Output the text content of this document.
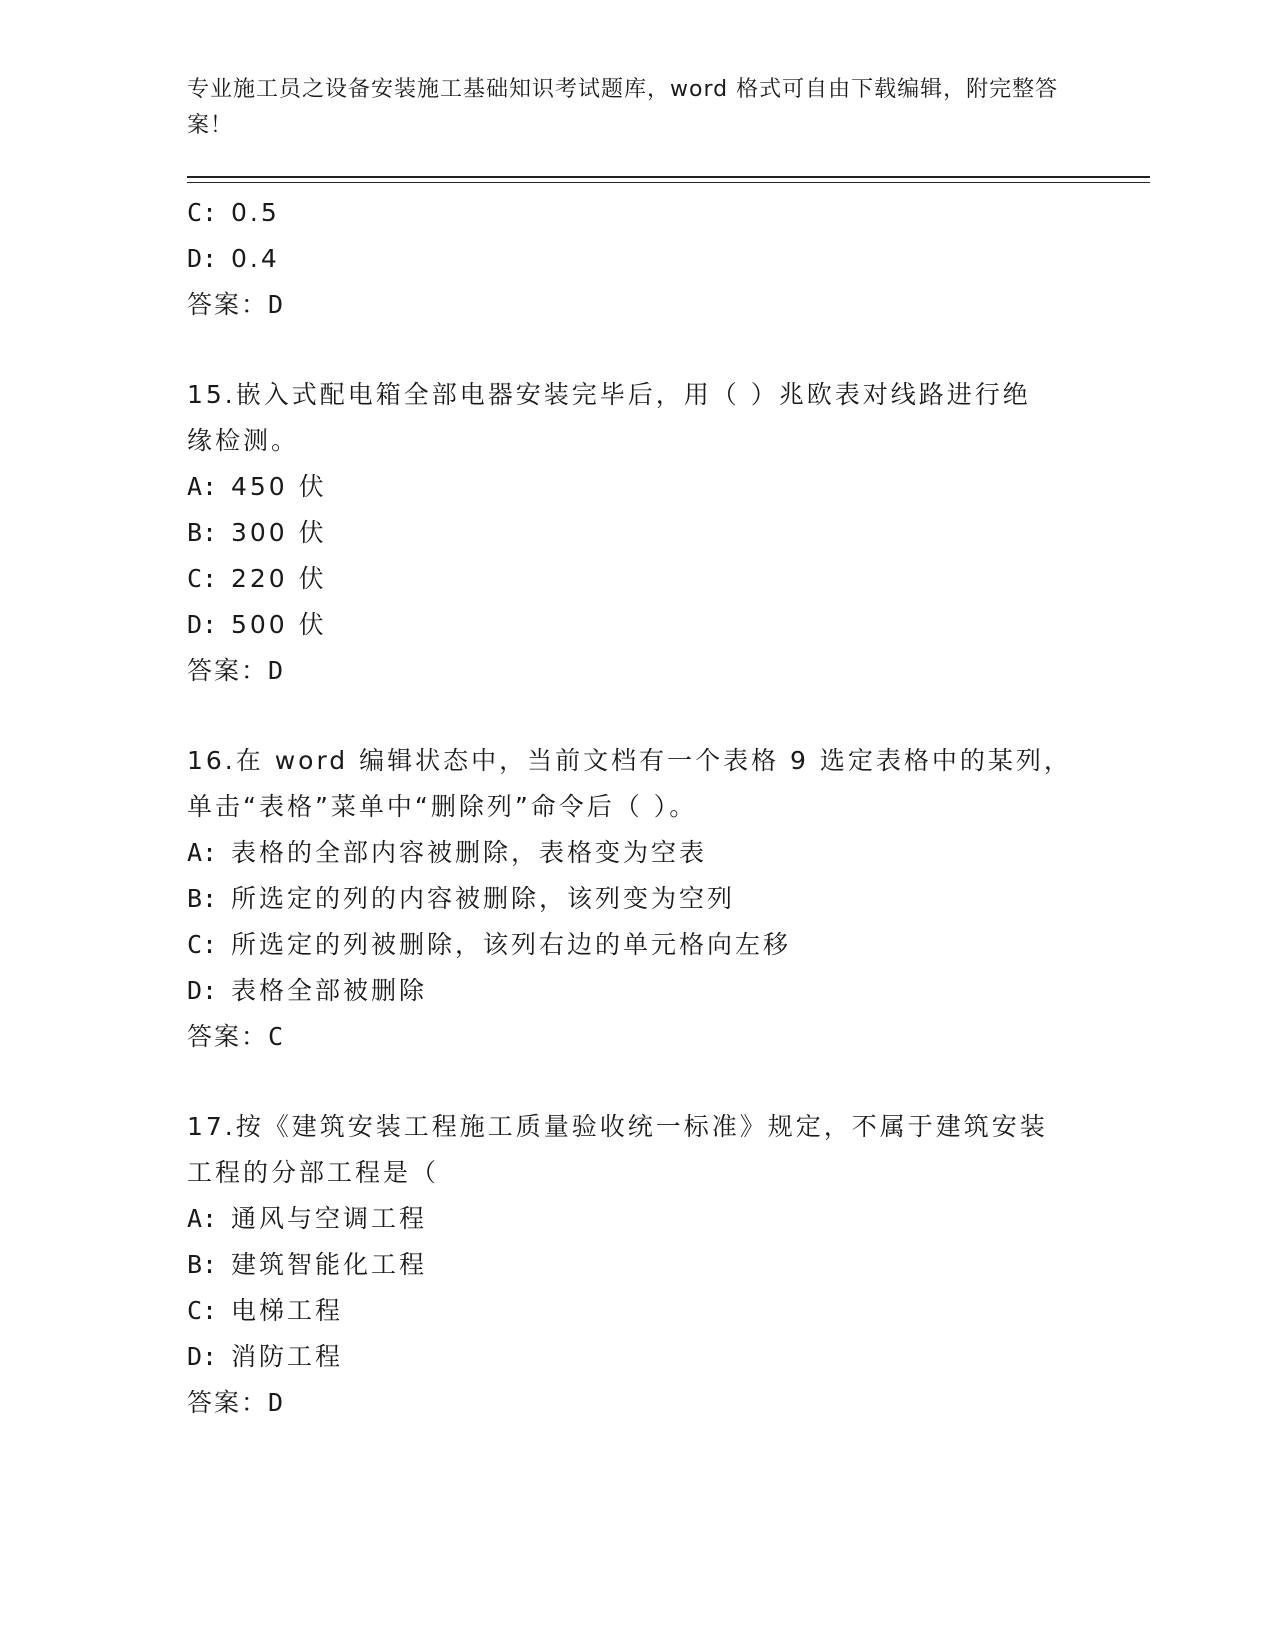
专业施工员之设备安装施工基础知识考试题库，word 格式可自由下载编辑，附完整答案！
C: 0.5
D: 0.4
答案：D
15.嵌入式配电箱全部电器安装完毕后，用（ ）兆欧表对线路进行绝
缘检测。
A: 450 伏
B: 300 伏
C: 220 伏
D: 500 伏
答案：D
16.在 word 编辑状态中，当前文档有一个表格 9 选定表格中的某列，
单击“表格”菜单中“删除列”命令后（ ）。
A: 表格的全部内容被删除，表格变为空表
B: 所选定的列的内容被删除，该列变为空列
C: 所选定的列被删除，该列右边的单元格向左移
D: 表格全部被删除
答案：C
17.按《建筑安装工程施工质量验收统一标准》规定，不属于建筑安装
工程的分部工程是（
A: 通风与空调工程
B: 建筑智能化工程
C: 电梯工程
D: 消防工程
答案：D
